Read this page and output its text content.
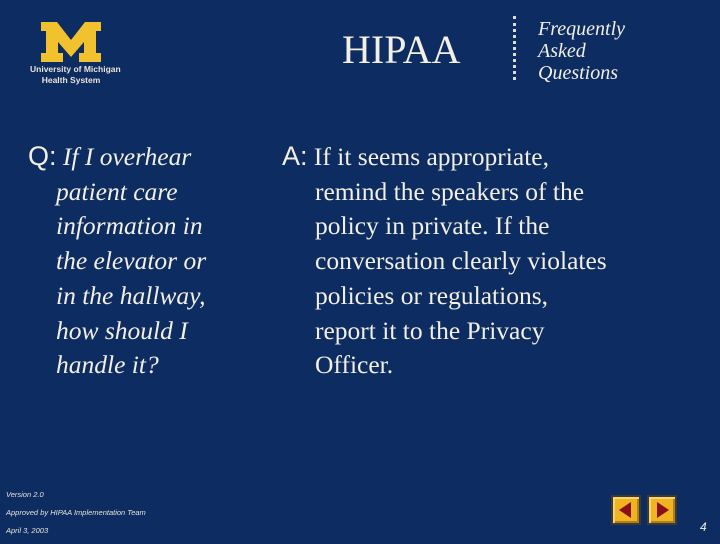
University of Michigan
Health System
HIPAA	Frequently
Asked
Questions
Q: If I overhear
patient care
information in
the elevator or
in the hallway,
how should I
handle it?
A: If it seems appropriate,
remind the speakers of the
policy in private. If the
conversation clearly violates
policies or regulations,
report it to the Privacy
Officer.
Version 2.0
Approved by HIPAA Implementation Team
April 3, 2003	4
